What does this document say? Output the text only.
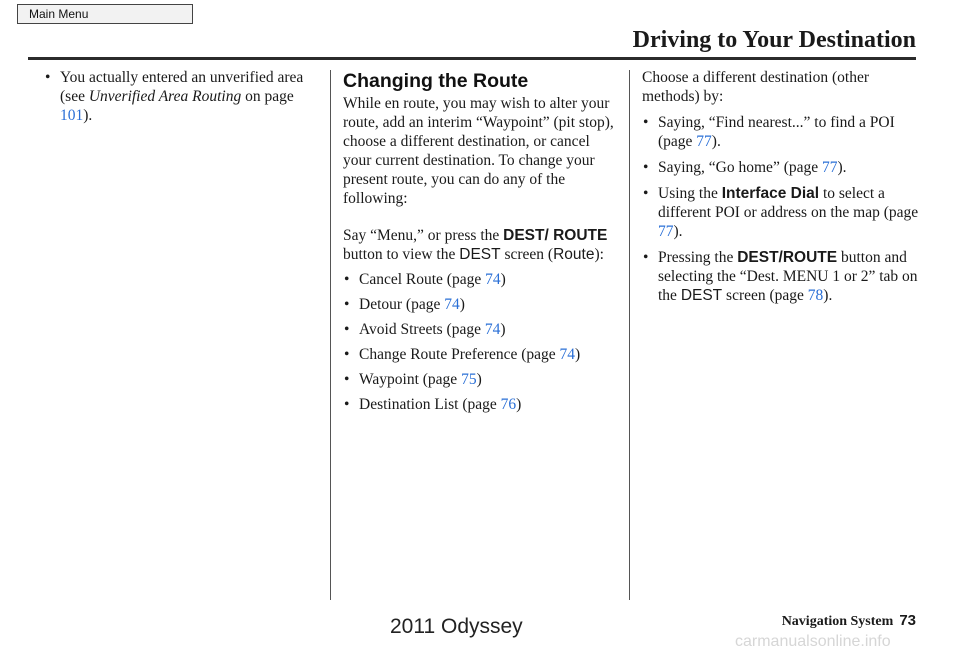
Main Menu
Driving to Your Destination
• You actually entered an unverified area (see Unverified Area Routing on page 101).
Changing the Route
While en route, you may wish to alter your route, add an interim “Waypoint” (pit stop), choose a different destination, or cancel your current destination. To change your present route, you can do any of the following:
Say “Menu,” or press the DEST/ ROUTE button to view the DEST screen (Route):
• Cancel Route (page 74)
• Detour (page 74)
• Avoid Streets (page 74)
• Change Route Preference (page 74)
• Waypoint (page 75)
• Destination List (page 76)
Choose a different destination (other methods) by:
• Saying, “Find nearest...” to find a POI (page 77).
• Saying, “Go home” (page 77).
• Using the Interface Dial to select a different POI or address on the map (page 77).
• Pressing the DEST/ROUTE button and selecting the “Dest. MENU 1 or 2” tab on the DEST screen (page 78).
Navigation System 73
2011 Odyssey
carmanualsonline.info
